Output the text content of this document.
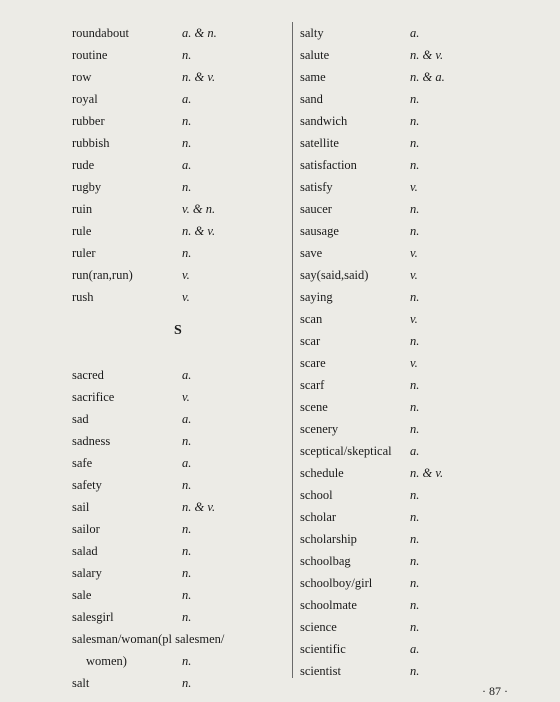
roundabout	a. & n.
routine	n.
row	n. & v.
royal	a.
rubber	n.
rubbish	n.
rude	a.
rugby	n.
ruin	v. & n.
rule	n. & v.
ruler	n.
run(ran,run)	v.
rush	v.
S
sacred	a.
sacrifice	v.
sad	a.
sadness	n.
safe	a.
safety	n.
sail	n. & v.
sailor	n.
salad	n.
salary	n.
sale	n.
salesgirl	n.
salesman/woman(pl salesmen/
women)	n.
salt	n.
salty	a.
salute	n. & v.
same	n. & a.
sand	n.
sandwich	n.
satellite	n.
satisfaction	n.
satisfy	v.
saucer	n.
sausage	n.
save	v.
say(said,said)	v.
saying	n.
scan	v.
scar	n.
scare	v.
scarf	n.
scene	n.
scenery	n.
sceptical/skeptical a.
schedule	n. & v.
school	n.
scholar	n.
scholarship	n.
schoolbag	n.
schoolboy/girl	n.
schoolmate	n.
science	n.
scientific	a.
scientist	n.
· 87 ·
